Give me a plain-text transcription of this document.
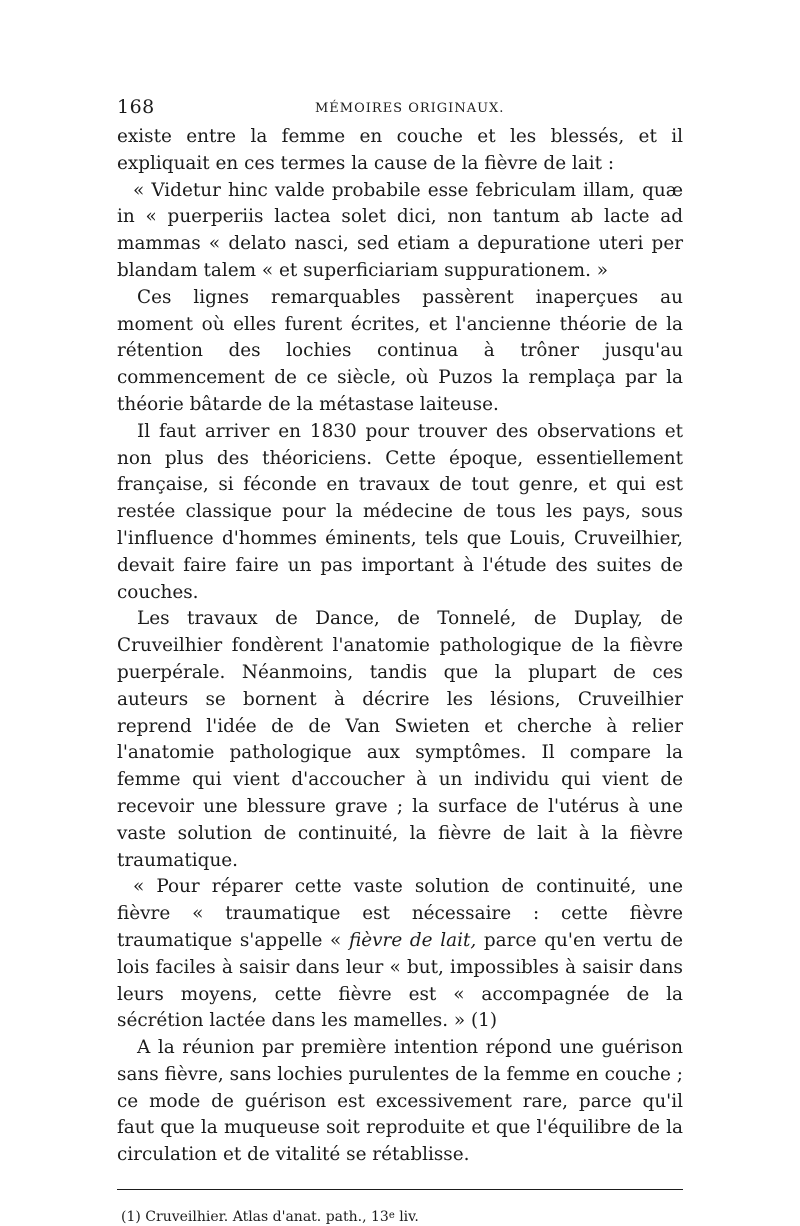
168	MÉMOIRES ORIGINAUX.

existe entre la femme en couche et les blessés, et il expliquait en ces termes la cause de la fièvre de lait :

« Videtur hinc valde probabile esse febriculam illam, quæ in « puerperiis lactea solet dici, non tantum ab lacte ad mammas « delato nasci, sed etiam a depuratione uteri per blandam talem « et superficiariam suppurationem. »

Ces lignes remarquables passèrent inaperçues au moment où elles furent écrites, et l'ancienne théorie de la rétention des lochies continua à trôner jusqu'au commencement de ce siècle, où Puzos la remplaça par la théorie bâtarde de la métastase laiteuse.

Il faut arriver en 1830 pour trouver des observations et non plus des théoriciens. Cette époque, essentiellement française, si féconde en travaux de tout genre, et qui est restée classique pour la médecine de tous les pays, sous l'influence d'hommes éminents, tels que Louis, Cruveilhier, devait faire faire un pas important à l'étude des suites de couches.

Les travaux de Dance, de Tonnelé, de Duplay, de Cruveilhier fondèrent l'anatomie pathologique de la fièvre puerpérale. Néanmoins, tandis que la plupart de ces auteurs se bornent à décrire les lésions, Cruveilhier reprend l'idée de de Van Swieten et cherche à relier l'anatomie pathologique aux symptômes. Il compare la femme qui vient d'accoucher à un individu qui vient de recevoir une blessure grave ; la surface de l'utérus à une vaste solution de continuité, la fièvre de lait à la fièvre traumatique.

« Pour réparer cette vaste solution de continuité, une fièvre « traumatique est nécessaire : cette fièvre traumatique s'appelle « fièvre de lait, parce qu'en vertu de lois faciles à saisir dans leur « but, impossibles à saisir dans leurs moyens, cette fièvre est « accompagnée de la sécrétion lactée dans les mamelles. » (1)

A la réunion par première intention répond une guérison sans fièvre, sans lochies purulentes de la femme en couche ; ce mode de guérison est excessivement rare, parce qu'il faut que la muqueuse soit reproduite et que l'équilibre de la circulation et de vitalité se rétablisse.

(1) Cruveilhier. Atlas d'anat. path., 13e liv.
